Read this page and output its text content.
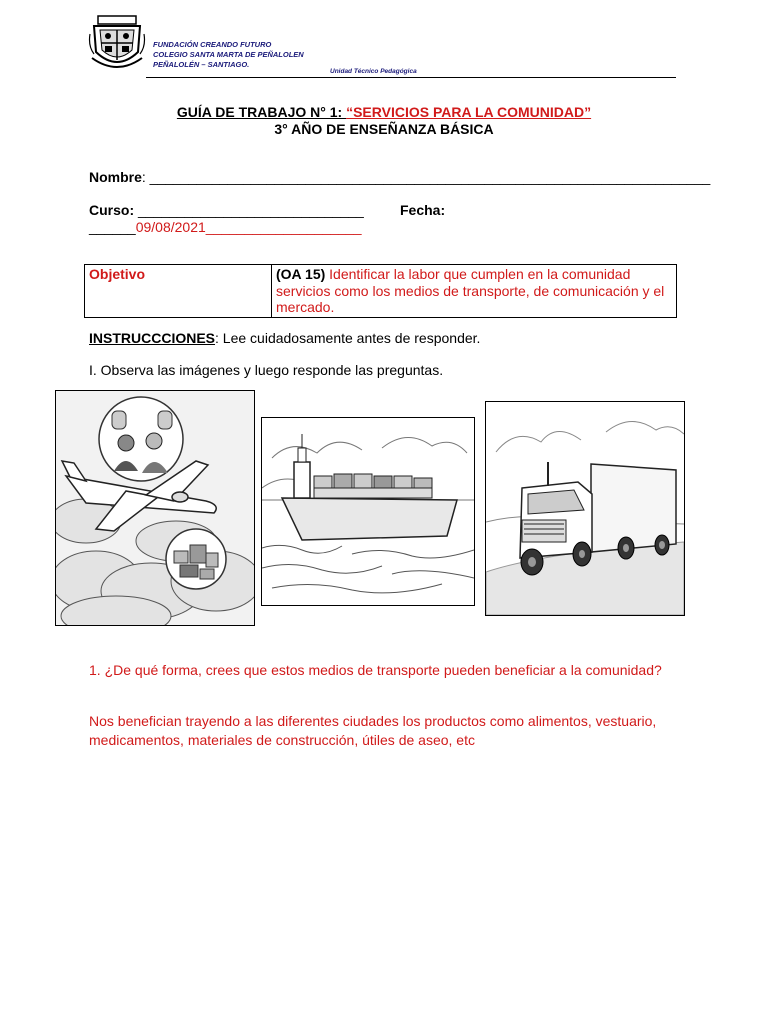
FUNDACIÓN CREANDO FUTURO
COLEGIO SANTA MARTA DE PEÑALOLEN
PEÑALOLÉN – SANTIAGO.
Unidad Técnico Pedagógica
GUÍA DE TRABAJO N° 1: “SERVICIOS PARA LA COMUNIDAD”
3° AÑO DE ENSEÑANZA BÁSICA
Nombre: ________________________________________________________________________
Curso: _____________________________	Fecha:
______09/08/2021____________________
Objetivo	(OA 15) Identificar la labor que cumplen en la comunidad servicios como los medios de transporte, de comunicación y el mercado.
INSTRUCCCIONES: Lee cuidadosamente antes de responder.
I. Observa las imágenes y luego responde las preguntas.
1. ¿De qué forma, crees que estos medios de transporte pueden beneficiar a la comunidad?
Nos benefician trayendo a las diferentes ciudades los productos como alimentos, vestuario, medicamentos, materiales de construcción, útiles de aseo, etc
